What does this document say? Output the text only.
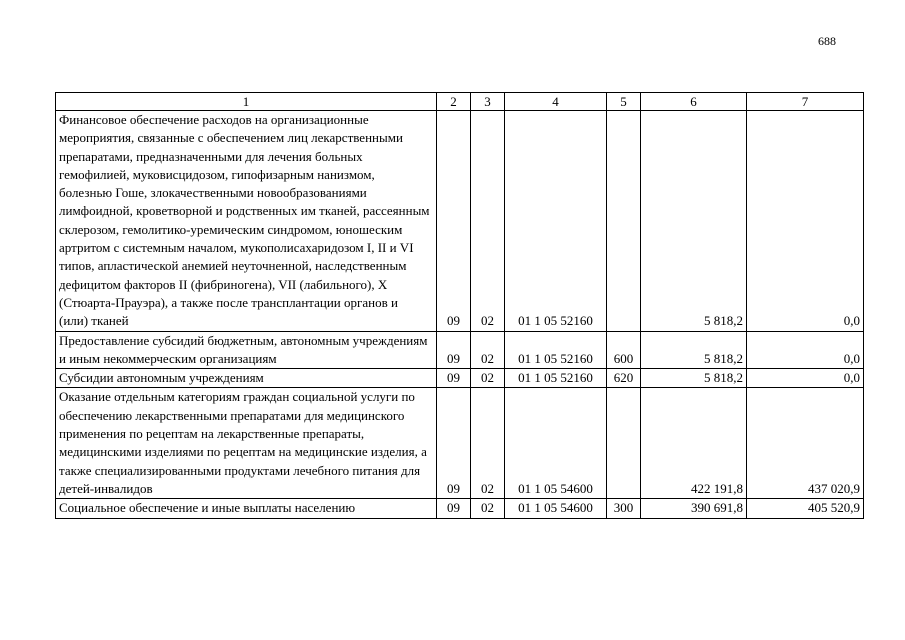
688
1	2	3	4	5	6	7
Финансовое обеспечение расходов на организационные мероприятия, связанные с обеспечением лиц лекарственными препаратами, предназначенными для лечения больных гемофилией, муковисцидозом, гипофизарным нанизмом, болезнью Гоше, злокачественными новообразованиями лимфоидной, кроветворной и родственных им тканей, рассеянным склерозом, гемолитико-уремическим синдромом, юношеским артритом с системным началом, мукополисахаридозом I, II и VI типов, апластической анемией неуточненной, наследственным дефицитом факторов II (фибриногена), VII (лабильного), X (Стюарта-Прауэра), а также после трансплантации органов и (или) тканей	09	02	01 1 05 52160		5 818,2	0,0
Предоставление субсидий бюджетным, автономным учреждениям и иным некоммерческим организациям	09	02	01 1 05 52160	600	5 818,2	0,0
Субсидии автономным учреждениям	09	02	01 1 05 52160	620	5 818,2	0,0
Оказание отдельным категориям граждан социальной услуги по обеспечению лекарственными препаратами для медицинского применения по рецептам на лекарственные препараты, медицинскими изделиями по рецептам на медицинские изделия, а также специализированными продуктами лечебного питания для детей-инвалидов	09	02	01 1 05 54600		422 191,8	437 020,9
Социальное обеспечение и иные выплаты населению	09	02	01 1 05 54600	300	390 691,8	405 520,9
